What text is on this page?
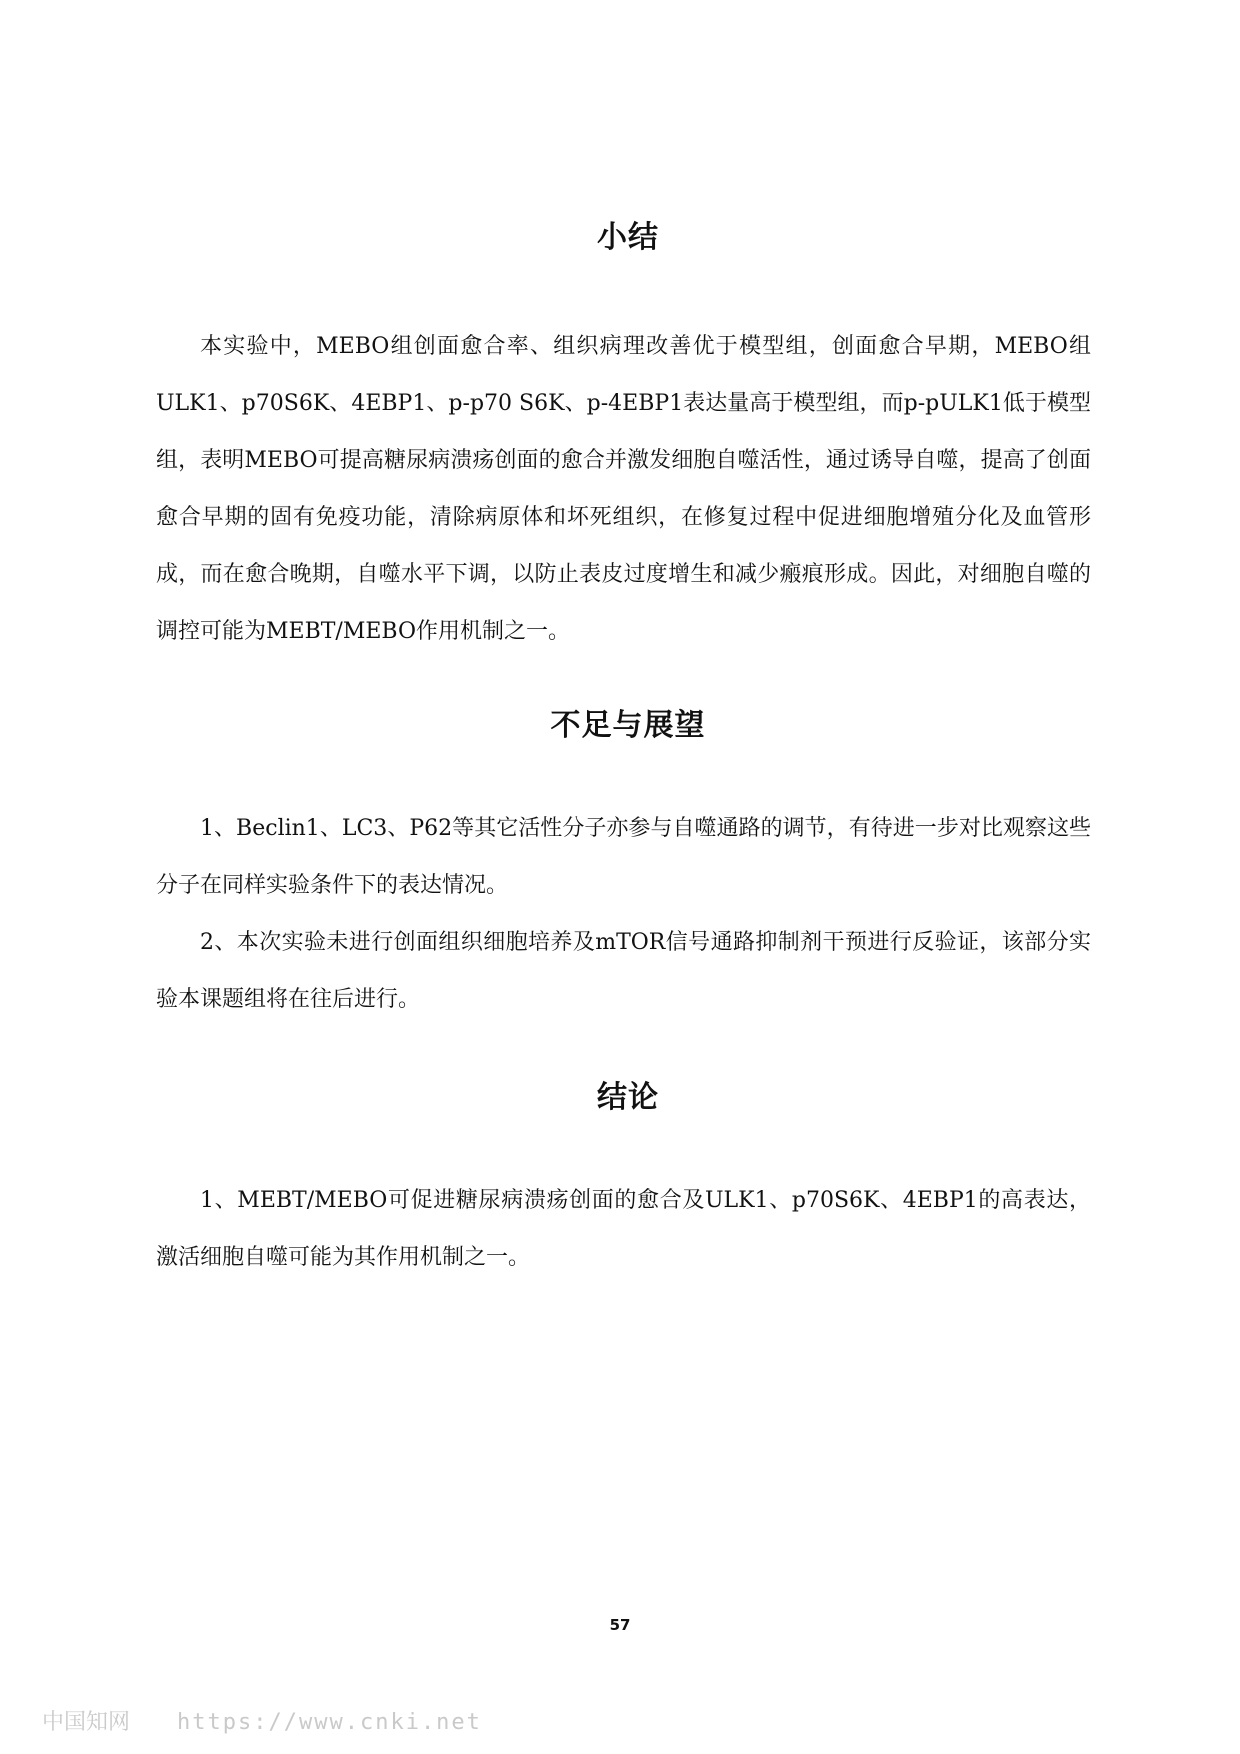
小结

本实验中，MEBO组创面愈合率、组织病理改善优于模型组，创面愈合早期，MEBO组ULK1、p70S6K、4EBP1、p-p70 S6K、p-4EBP1表达量高于模型组，而p-pULK1低于模型组，表明MEBO可提高糖尿病溃疡创面的愈合并激发细胞自噬活性，通过诱导自噬，提高了创面愈合早期的固有免疫功能，清除病原体和坏死组织，在修复过程中促进细胞增殖分化及血管形成，而在愈合晚期，自噬水平下调，以防止表皮过度增生和减少瘢痕形成。因此，对细胞自噬的调控可能为MEBT/MEBO作用机制之一。

不足与展望

1、Beclin1、LC3、P62等其它活性分子亦参与自噬通路的调节，有待进一步对比观察这些分子在同样实验条件下的表达情况。

2、本次实验未进行创面组织细胞培养及mTOR信号通路抑制剂干预进行反验证，该部分实验本课题组将在往后进行。

结论

1、MEBT/MEBO可促进糖尿病溃疡创面的愈合及ULK1、p70S6K、4EBP1的高表达，激活细胞自噬可能为其作用机制之一。

57
中国知网 https://www.cnki.net
